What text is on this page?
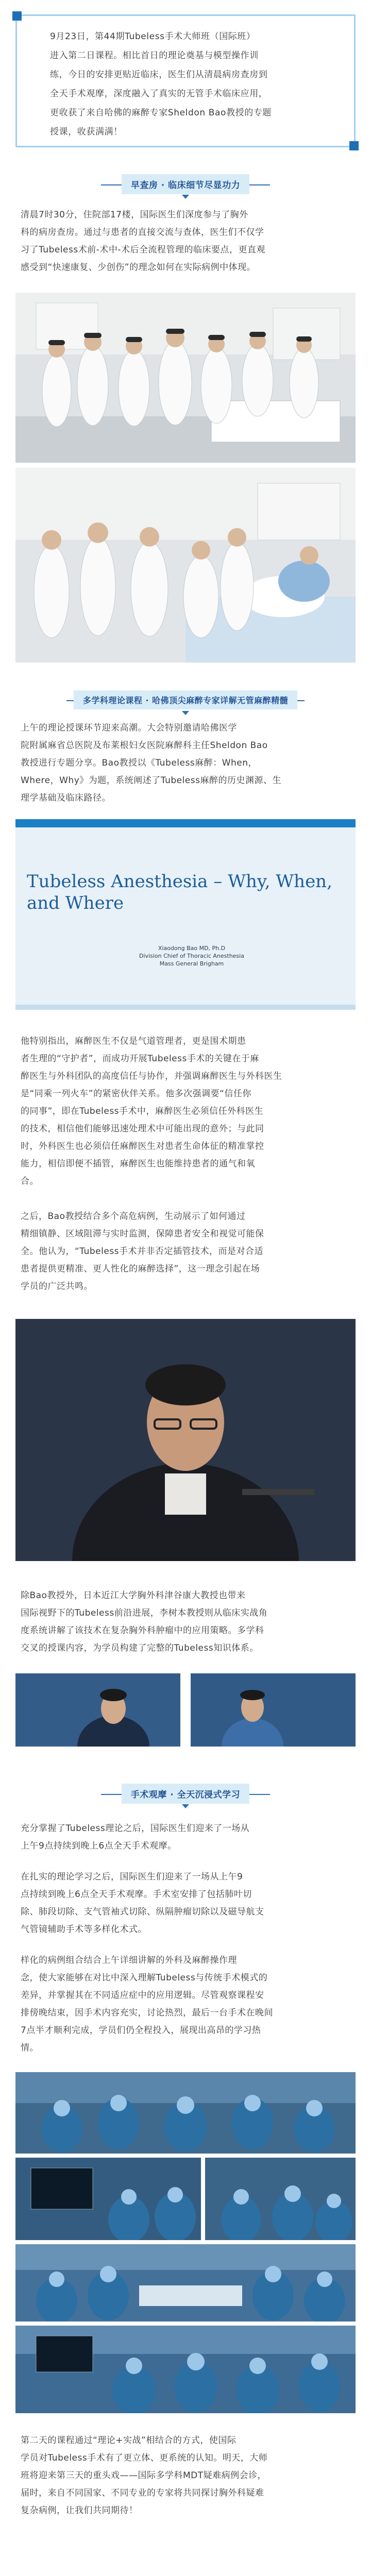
9月23日，第44期Tubeless手术大师班（国际班）
进入第二日课程。相比首日的理论奠基与模型操作训
练，今日的安排更贴近临床，医生们从清晨病房查房到
全天手术观摩，深度融入了真实的无管手术临床应用，
更收获了来自哈佛的麻醉专家Sheldon Bao教授的专题
授课，收获满满！
早查房 · 临床细节尽显功力
清晨7时30分，住院部17楼，国际医生们深度参与了胸外
科的病房查房。通过与患者的直接交流与查体，医生们不仅学
习了Tubeless术前-术中-术后全流程管理的临床要点，更直观
感受到“快速康复、少创伤”的理念如何在实际病例中体现。
多学科理论课程 · 哈佛顶尖麻醉专家详解无管麻醉精髓
上午的理论授课环节迎来高潮。大会特别邀请哈佛医学
Tubeless Anesthesia – Why, When, and Where
Xiaodong Bao MD, Ph.D
Division Chief of Thoracic Anesthesia
Mass General Brigham
院附属麻省总医院及布莱根妇女医院麻醉科主任Sheldon Bao
教授进行专题分享。Bao教授以《Tubeless麻醉：When，
Where，Why》为题，系统阐述了Tubeless麻醉的历史渊源、生
理学基础及临床路径。
他特别指出，麻醉医生不仅是气道管理者，更是围术期患
者生理的“守护者”，而成功开展Tubeless手术的关键在于麻
醉医生与外科团队的高度信任与协作，并强调麻醉医生与外科医生
是“同乘一列火车”的紧密伙伴关系。他多次强调要“信任你
的同事”，即在Tubeless手术中，麻醉医生必须信任外科医生
的技术，相信他们能够迅速处理术中可能出现的意外；与此同
时，外科医生也必须信任麻醉医生对患者生命体征的精准掌控
能力，相信即便不插管，麻醉医生也能维持患者的通气和氧
合。
之后，Bao教授结合多个高危病例，生动展示了如何通过
精细镇静、区域阻滞与实时监测，保障患者安全和视觉可能保
全。他认为，“Tubeless手术并非否定插管技术，而是对合适
患者提供更精准、更人性化的麻醉选择”，这一理念引起在场
学员的广泛共鸣。
除Bao教授外，日本近江大学胸外科津谷康大教授也带来
国际视野下的Tubeless前沿进展，李树本教授则从临床实战角
度系统讲解了该技术在复杂胸外科肿瘤中的应用策略。多学科
交叉的授课内容，为学员构建了完整的Tubeless知识体系。
手术观摩 · 全天沉浸式学习
充分掌握了Tubeless理论之后，国际医生们迎来了一场从
上午9点持续到晚上6点全天手术观摩。
在扎实的理论学习之后，国际医生们迎来了一场从上午9
点持续到晚上6点全天手术观摩。手术室安排了包括肺叶切
除、肺段切除、支气管袖式切除、纵隔肿瘤切除以及磁导航支
气管镜辅助手术等多样化术式。
样化的病例组合结合上午详细讲解的外科及麻醉操作理
念，使大家能够在对比中深入理解Tubeless与传统手术模式的
差异，并掌握其在不同适应症中的应用逻辑。尽管观察课程安
排傍晚结束，因手术内容充实，讨论热烈，最后一台手术在晚间
7点半才顺利完成，学员们仍全程投入，展现出高昂的学习热
情。
第二天的课程通过“理论+实战”相结合的方式，使国际
学员对Tubeless手术有了更立体、更系统的认知。明天，大师
班将迎来第三天的重头戏——国际多学科MDT疑难病例会诊，
届时，来自不同国家、不同专业的专家将共同探讨胸外科疑难
复杂病例，让我们共同期待！
